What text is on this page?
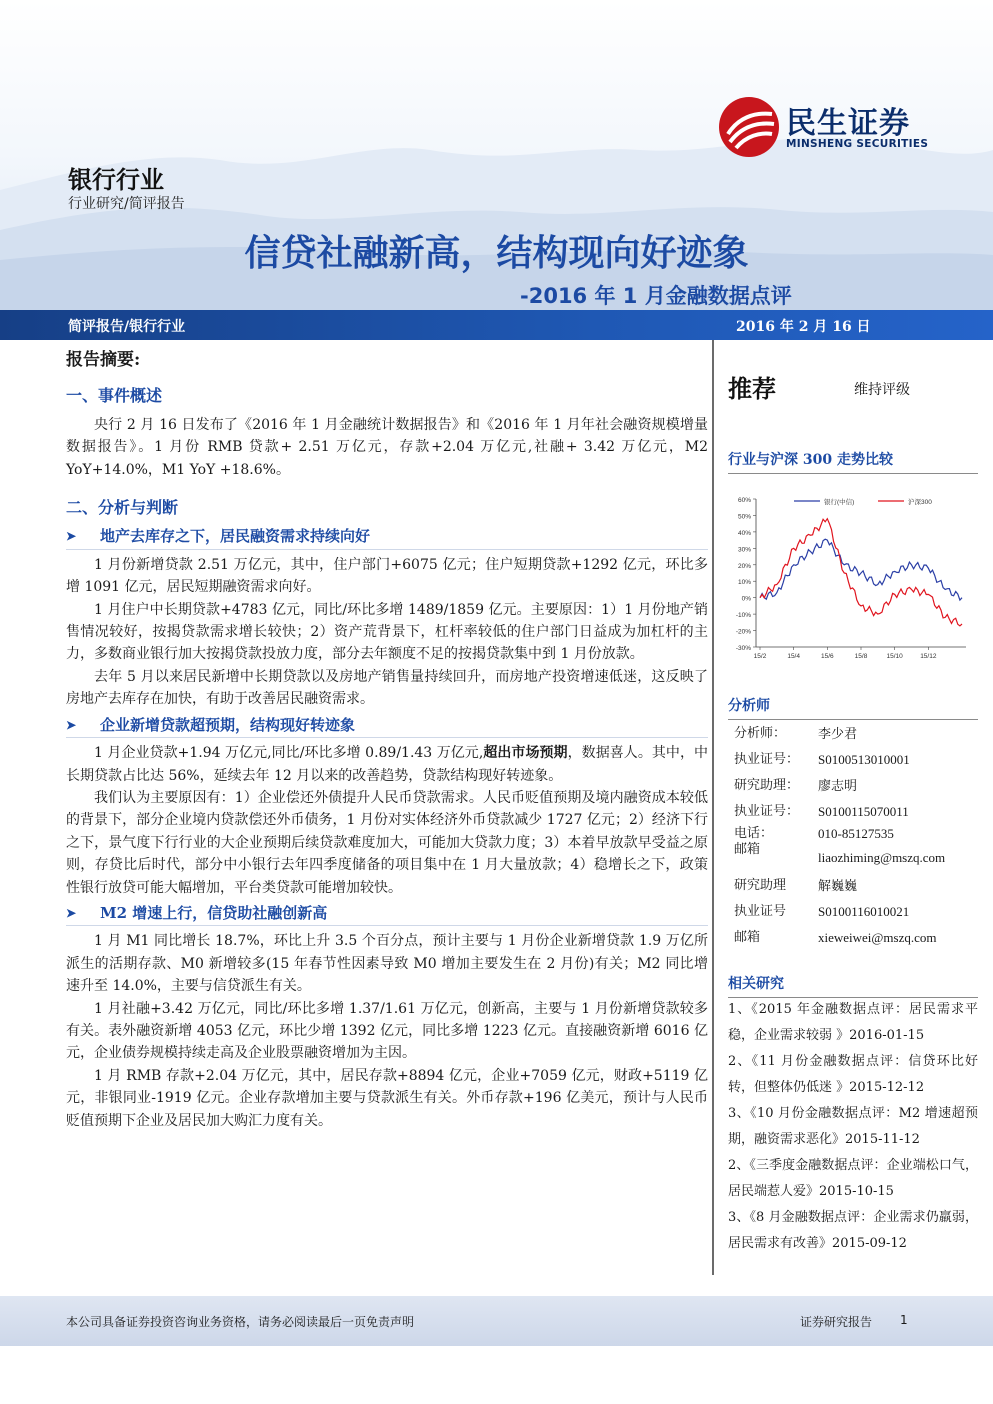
民生证券
MINSHENG SECURITIES
银行行业
行业研究/简评报告
信贷社融新高，结构现向好迹象
-2016 年 1 月金融数据点评
简评报告/银行行业	2016 年 2 月 16 日
报告摘要:
一、事件概述

央行 2 月 16 日发布了《2016 年 1 月金融统计数据报告》和《2016 年 1 月年社会融资规模增量数据报告》。1 月份 RMB 贷款+ 2.51 万亿元，存款+2.04 万亿元,社融+ 3.42 万亿元，M2 YoY+14.0%，M1 YoY +18.6%。

二、分析与判断
➤	地产去库存之下，居民融资需求持续向好

1 月份新增贷款 2.51 万亿元，其中，住户部门+6075 亿元；住户短期贷款+1292 亿元，环比多增 1091 亿元，居民短期融资需求向好。

1 月住户中长期贷款+4783 亿元，同比/环比多增 1489/1859 亿元。主要原因：1）1 月份地产销售情况较好，按揭贷款需求增长较快；2）资产荒背景下，杠杆率较低的住户部门日益成为加杠杆的主力，多数商业银行加大按揭贷款投放力度，部分去年额度不足的按揭贷款集中到 1 月份放款。

去年 5 月以来居民新增中长期贷款以及房地产销售量持续回升，而房地产投资增速低迷，这反映了房地产去库存在加快，有助于改善居民融资需求。

➤	企业新增贷款超预期，结构现好转迹象

1 月企业贷款+1.94 万亿元,同比/环比多增 0.89/1.43 万亿元,超出市场预期，数据喜人。其中，中长期贷款占比达 56%，延续去年 12 月以来的改善趋势，贷款结构现好转迹象。

我们认为主要原因有：1）企业偿还外债提升人民币贷款需求。人民币贬值预期及境内融资成本较低的背景下，部分企业境内贷款偿还外币债务，1 月份对实体经济外币贷款减少 1727 亿元；2）经济下行之下，景气度下行行业的大企业预期后续贷款难度加大，可能加大贷款力度；3）本着早放款早受益之原则，存贷比后时代，部分中小银行去年四季度储备的项目集中在 1 月大量放款；4）稳增长之下，政策性银行放贷可能大幅增加，平台类贷款可能增加较快。

➤	M2 增速上行，信贷助社融创新高

1 月 M1 同比增长 18.7%，环比上升 3.5 个百分点，预计主要与 1 月份企业新增贷款 1.9 万亿所派生的活期存款、M0 新增较多(15 年春节性因素导致 M0 增加主要发生在 2 月份)有关；M2 同比增速升至 14.0%，主要与信贷派生有关。

1 月社融+3.42 万亿元，同比/环比多增 1.37/1.61 万亿元，创新高，主要与 1 月份新增贷款较多有关。表外融资新增 4053 亿元，环比少增 1392 亿元，同比多增 1223 亿元。直接融资新增 6016 亿元，企业债券规模持续走高及企业股票融资增加为主因。

1 月 RMB 存款+2.04 万亿元，其中，居民存款+8894 亿元，企业+7059 亿元，财政+5119 亿元，非银同业-1919 亿元。企业存款增加主要与贷款派生有关。外币存款+196 亿美元，预计与人民币贬值预期下企业及居民加大购汇力度有关。

推荐	维持评级
行业与沪深 300 走势比较
60%
50%
40%
30%
20%
10%
0%
-10%
-20%
-30%
15/2	15/4	15/6	15/8	15/10	15/12
银行(中信)	沪深300
分析师
分析师： 李少君
执业证号： S0100513010001
研究助理： 廖志明
执业证号： S0100115070011
电话：	010-85127535
邮箱
liaozhiming@mszq.com
研究助理 解巍巍
执业证号 S0100116010021
邮箱	xieweiwei@mszq.com
相关研究
1、《2015 年金融数据点评：居民需求平稳，企业需求较弱 》2016-01-15
2、《11 月份金融数据点评：信贷环比好转，但整体仍低迷 》2015-12-12
3、《10 月份金融数据点评：M2 增速超预期，融资需求恶化》2015-11-12
2、《三季度金融数据点评：企业端松口气，居民端惹人爱》2015-10-15
3、《8 月金融数据点评：企业需求仍羸弱，居民需求有改善》2015-09-12
本公司具备证券投资咨询业务资格，请务必阅读最后一页免责声明	证券研究报告 1
